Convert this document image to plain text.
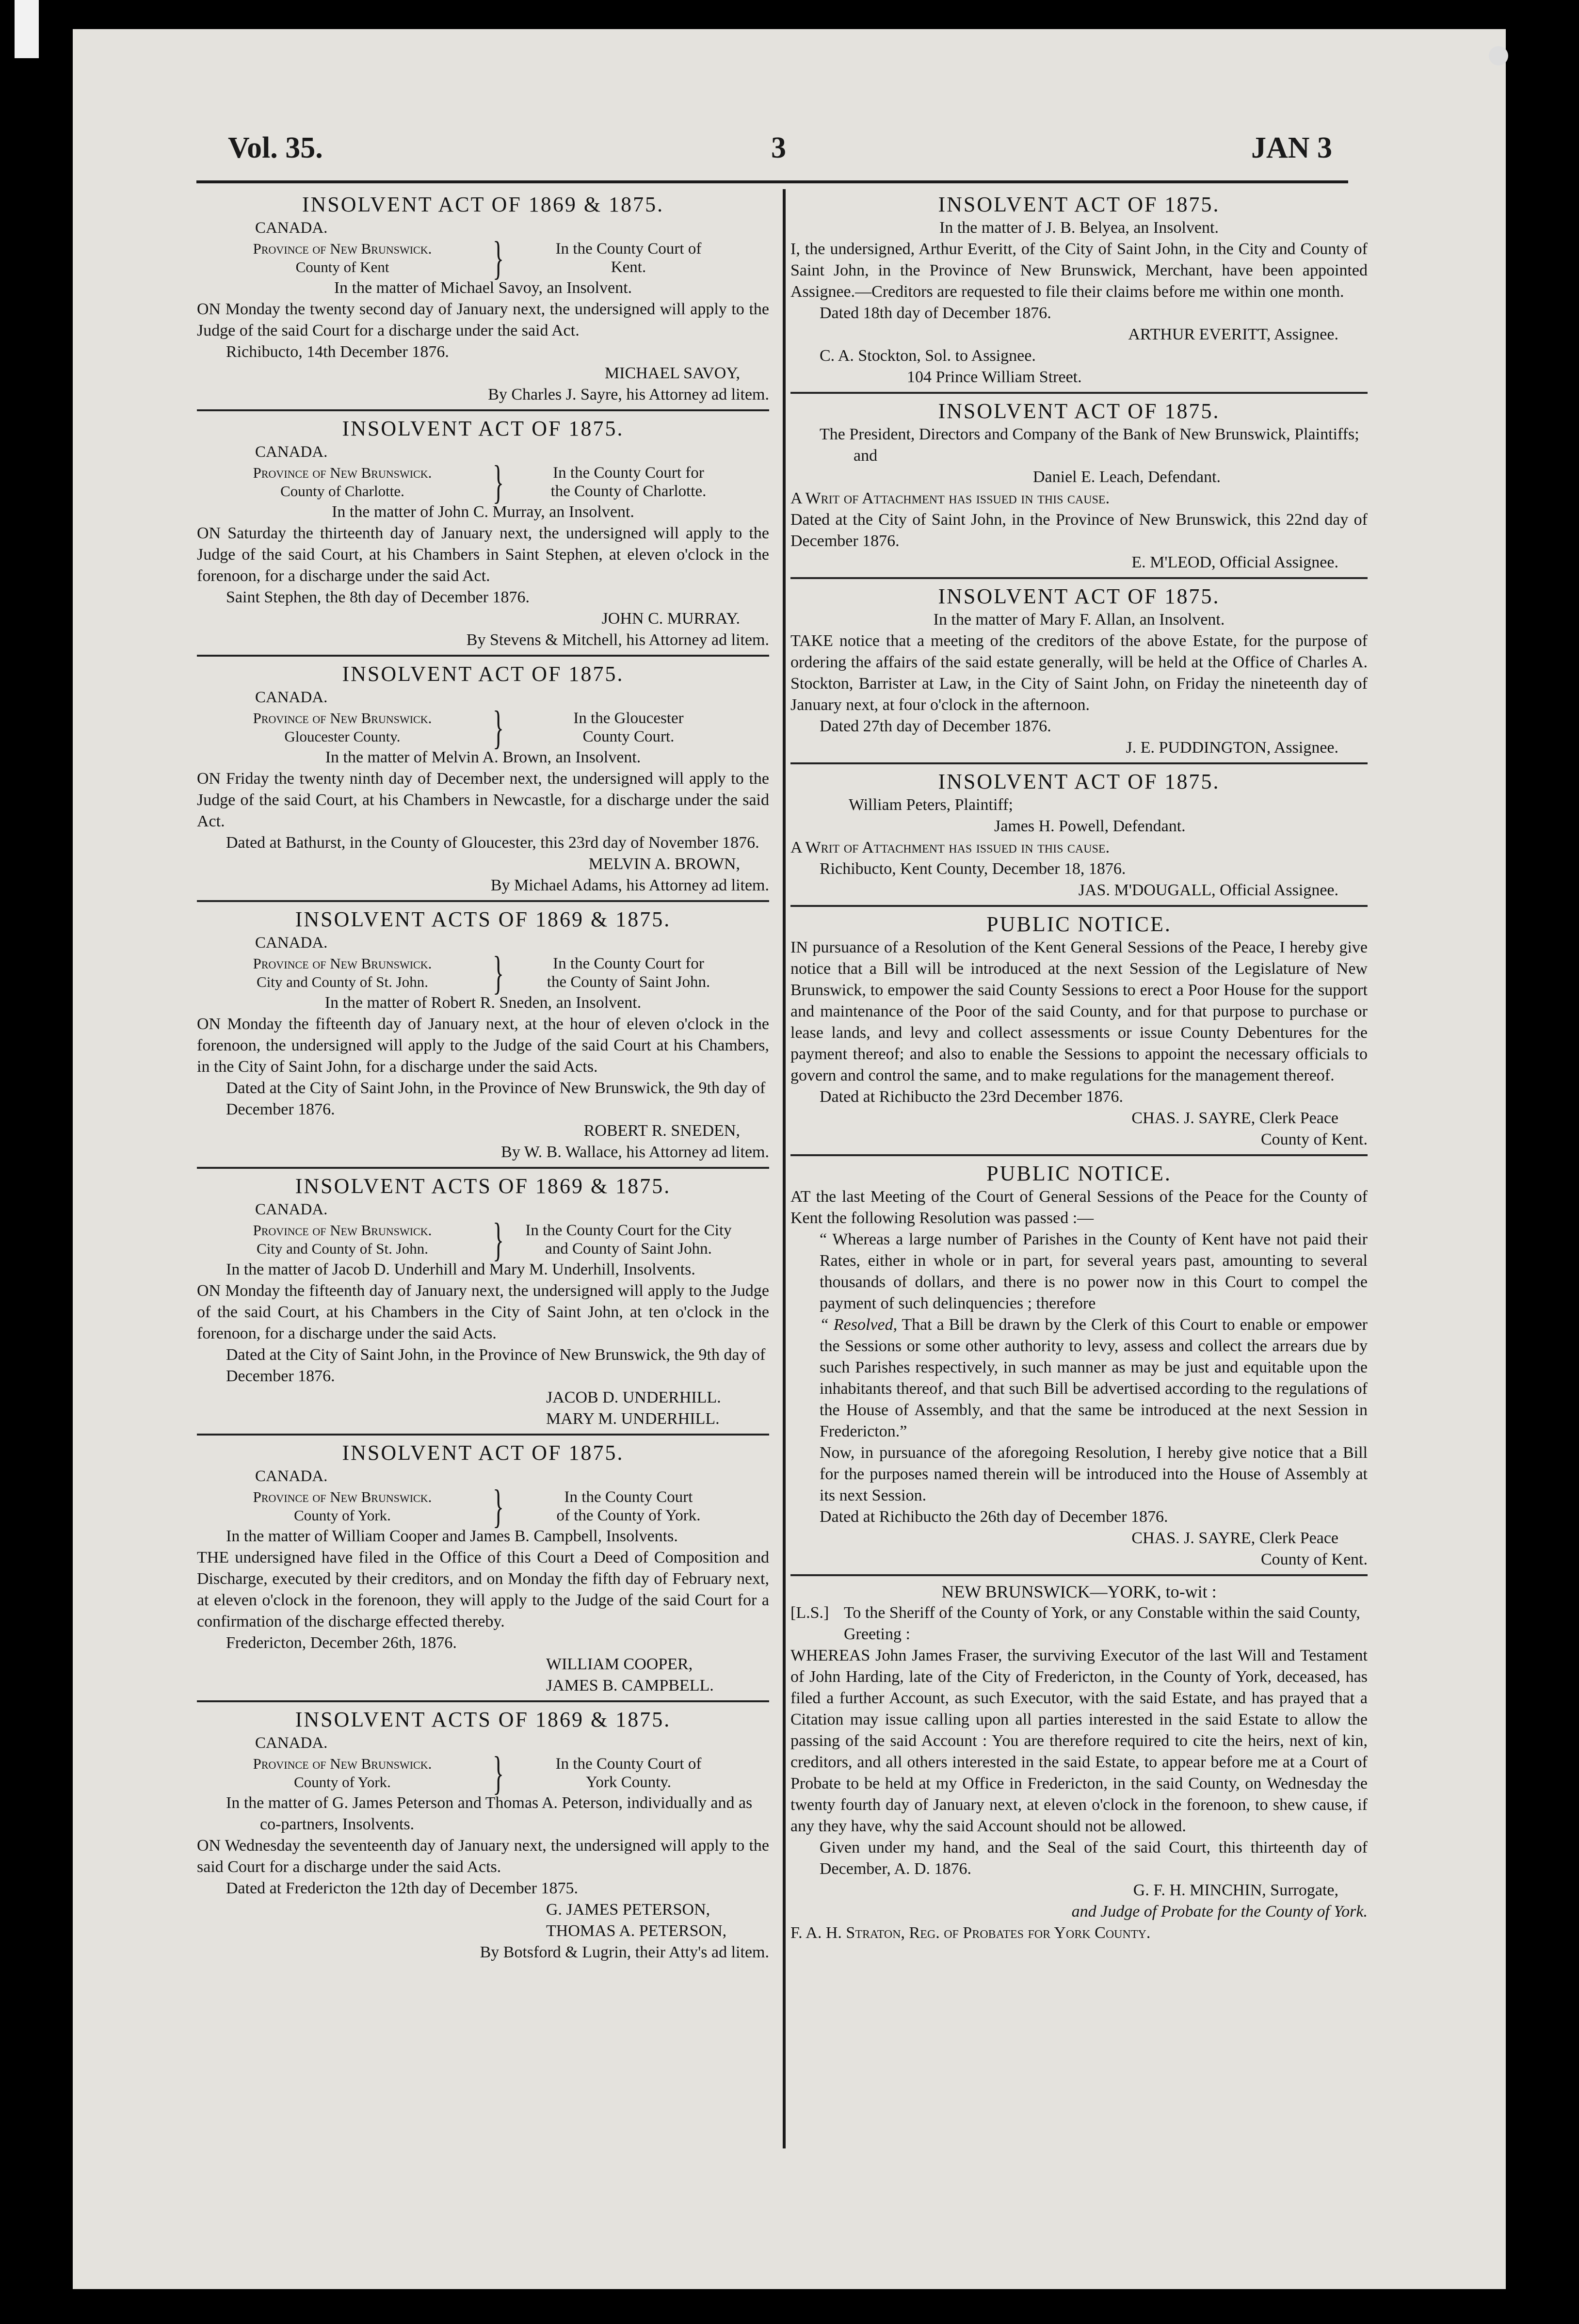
Vol. 35.	3	JAN 3
INSOLVENT ACT OF 1869 & 1875.
CANADA.
Province of New Brunswick.
County of Kent	}	In the County Court of
Kent.
In the matter of Michael Savoy, an Insolvent.

ON Monday the twenty second day of January next, the undersigned will apply to the Judge of the said Court for a discharge under the said Act.

Richibucto, 14th December 1876.
MICHAEL SAVOY,
By Charles J. Sayre, his Attorney ad litem.
INSOLVENT ACT OF 1875.
CANADA.
Province of New Brunswick.
County of Charlotte.	}	In the County Court for
the County of Charlotte.
In the matter of John C. Murray, an Insolvent.

ON Saturday the thirteenth day of January next, the undersigned will apply to the Judge of the said Court, at his Chambers in Saint Stephen, at eleven o'clock in the forenoon, for a discharge under the said Act.

Saint Stephen, the 8th day of December 1876.
JOHN C. MURRAY.
By Stevens & Mitchell, his Attorney ad litem.
INSOLVENT ACT OF 1875.
CANADA.
Province of New Brunswick.
Gloucester County.	}	In the Gloucester
County Court.
In the matter of Melvin A. Brown, an Insolvent.

ON Friday the twenty ninth day of December next, the undersigned will apply to the Judge of the said Court, at his Chambers in Newcastle, for a discharge under the said Act.

Dated at Bathurst, in the County of Gloucester, this 23rd day of November 1876.
MELVIN A. BROWN,
By Michael Adams, his Attorney ad litem.
INSOLVENT ACTS OF 1869 & 1875.
CANADA.
Province of New Brunswick.
City and County of St. John.	}	In the County Court for
the County of Saint John.
In the matter of Robert R. Sneden, an Insolvent.

ON Monday the fifteenth day of January next, at the hour of eleven o'clock in the forenoon, the undersigned will apply to the Judge of the said Court at his Chambers, in the City of Saint John, for a discharge under the said Acts.

Dated at the City of Saint John, in the Province of New Brunswick, the 9th day of December 1876.
ROBERT R. SNEDEN,
By W. B. Wallace, his Attorney ad litem.
INSOLVENT ACTS OF 1869 & 1875.
CANADA.
Province of New Brunswick.
City and County of St. John.	}	In the County Court for the City
and County of Saint John.
In the matter of Jacob D. Underhill and Mary M. Underhill, Insolvents.

ON Monday the fifteenth day of January next, the undersigned will apply to the Judge of the said Court, at his Chambers in the City of Saint John, at ten o'clock in the forenoon, for a discharge under the said Acts.

Dated at the City of Saint John, in the Province of New Brunswick, the 9th day of December 1876.
JACOB D. UNDERHILL.
MARY M. UNDERHILL.
INSOLVENT ACT OF 1875.
CANADA.
Province of New Brunswick.
County of York.	}	In the County Court
of the County of York.
In the matter of William Cooper and James B. Campbell, Insolvents.

THE undersigned have filed in the Office of this Court a Deed of Composition and Discharge, executed by their creditors, and on Monday the fifth day of February next, at eleven o'clock in the forenoon, they will apply to the Judge of the said Court for a confirmation of the discharge effected thereby.

Fredericton, December 26th, 1876.
WILLIAM COOPER,
JAMES B. CAMPBELL.
INSOLVENT ACTS OF 1869 & 1875.
CANADA.
Province of New Brunswick.
County of York.	}	In the County Court of
York County.
In the matter of G. James Peterson and Thomas A. Peterson, individually and as co-partners, Insolvents.

ON Wednesday the seventeenth day of January next, the undersigned will apply to the said Court for a discharge under the said Acts.

Dated at Fredericton the 12th day of December 1875.
G. JAMES PETERSON,
THOMAS A. PETERSON,
By Botsford & Lugrin, their Atty's ad litem.
INSOLVENT ACT OF 1875.
In the matter of J. B. Belyea, an Insolvent.

I, the undersigned, Arthur Everitt, of the City of Saint John, in the City and County of Saint John, in the Province of New Brunswick, Merchant, have been appointed Assignee.—Creditors are requested to file their claims before me within one month.

Dated 18th day of December 1876.
ARTHUR EVERITT, Assignee.
C. A. Stockton, Sol. to Assignee.
104 Prince William Street.
INSOLVENT ACT OF 1875.
The President, Directors and Company of the Bank of New Brunswick, Plaintiffs; and
Daniel E. Leach, Defendant.
A Writ of Attachment has issued in this cause.

Dated at the City of Saint John, in the Province of New Brunswick, this 22nd day of December 1876.

E. M'LEOD, Official Assignee.
INSOLVENT ACT OF 1875.
In the matter of Mary F. Allan, an Insolvent.

TAKE notice that a meeting of the creditors of the above Estate, for the purpose of ordering the affairs of the said estate generally, will be held at the Office of Charles A. Stockton, Barrister at Law, in the City of Saint John, on Friday the nineteenth day of January next, at four o'clock in the afternoon.

Dated 27th day of December 1876.
J. E. PUDDINGTON, Assignee.
INSOLVENT ACT OF 1875.
William Peters, Plaintiff;
James H. Powell, Defendant.
A Writ of Attachment has issued in this cause.
Richibucto, Kent County, December 18, 1876.
JAS. M'DOUGALL, Official Assignee.
PUBLIC NOTICE.

IN pursuance of a Resolution of the Kent General Sessions of the Peace, I hereby give notice that a Bill will be introduced at the next Session of the Legislature of New Brunswick, to empower the said County Sessions to erect a Poor House for the support and maintenance of the Poor of the said County, and for that purpose to purchase or lease lands, and levy and collect assessments or issue County Debentures for the payment thereof; and also to enable the Sessions to appoint the necessary officials to govern and control the same, and to make regulations for the management thereof.

Dated at Richibucto the 23rd December 1876.
CHAS. J. SAYRE, Clerk Peace
County of Kent.
PUBLIC NOTICE.

AT the last Meeting of the Court of General Sessions of the Peace for the County of Kent the following Resolution was passed :—

“ Whereas a large number of Parishes in the County of Kent have not paid their Rates, either in whole or in part, for several years past, amounting to several thousands of dollars, and there is no power now in this Court to compel the payment of such delinquencies ; therefore

“ Resolved, That a Bill be drawn by the Clerk of this Court to enable or empower the Sessions or some other authority to levy, assess and collect the arrears due by such Parishes respectively, in such manner as may be just and equitable upon the inhabitants thereof, and that such Bill be advertised according to the regulations of the House of Assembly, and that the same be introduced at the next Session in Fredericton.”

Now, in pursuance of the aforegoing Resolution, I hereby give notice that a Bill for the purposes named therein will be introduced into the House of Assembly at its next Session.

Dated at Richibucto the 26th day of December 1876.
CHAS. J. SAYRE, Clerk Peace
County of Kent.
NEW BRUNSWICK—YORK, to-wit :
[L.S.] To the Sheriff of the County of York, or any Constable within the said County, Greeting :

WHEREAS John James Fraser, the surviving Executor of the last Will and Testament of John Harding, late of the City of Fredericton, in the County of York, deceased, has filed a further Account, as such Executor, with the said Estate, and has prayed that a Citation may issue calling upon all parties interested in the said Estate to allow the passing of the said Account : You are therefore required to cite the heirs, next of kin, creditors, and all others interested in the said Estate, to appear before me at a Court of Probate to be held at my Office in Fredericton, in the said County, on Wednesday the twenty fourth day of January next, at eleven o'clock in the forenoon, to shew cause, if any they have, why the said Account should not be allowed.

Given under my hand, and the Seal of the said Court, this thirteenth day of December, A. D. 1876.

G. F. H. MINCHIN, Surrogate,
and Judge of Probate for the County of York.
F. A. H. Straton, Reg. of Probates for York County.
